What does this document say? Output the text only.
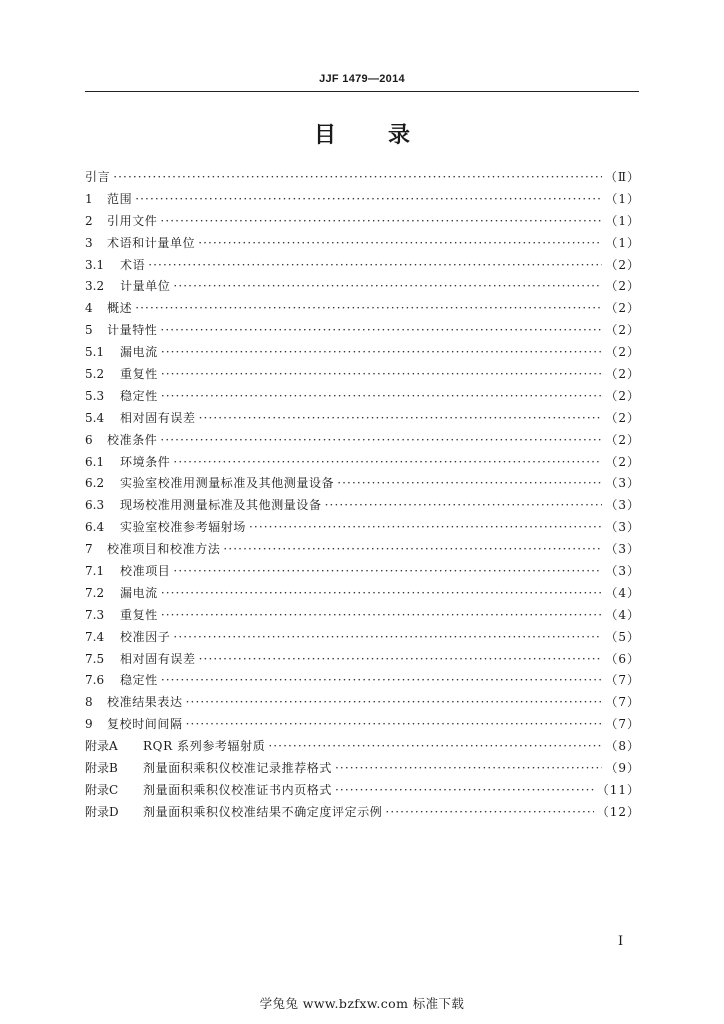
JJF 1479—2014
目 录
引言 ·····	（Ⅱ）
1	范围 ·····	（1）
2	引用文件 ·····	（1）
3	术语和计量单位 ·····	（1）
3.1	术语 ·····	（2）
3.2	计量单位 ·····	（2）
4	概述 ·····	（2）
5	计量特性 ·····	（2）
5.1	漏电流 ·····	（2）
5.2	重复性 ·····	（2）
5.3	稳定性 ·····	（2）
5.4	相对固有误差 ·····	（2）
6	校准条件 ·····	（2）
6.1	环境条件 ·····	（2）
6.2	实验室校准用测量标准及其他测量设备 ·····	（3）
6.3	现场校准用测量标准及其他测量设备 ·····	（3）
6.4	实验室校准参考辐射场 ·····	（3）
7	校准项目和校准方法 ·····	（3）
7.1	校准项目 ·····	（3）
7.2	漏电流 ·····	（4）
7.3	重复性 ·····	（4）
7.4	校准因子 ·····	（5）
7.5	相对固有误差 ·····	（6）
7.6	稳定性 ·····	（7）
8	校准结果表达 ·····	（7）
9	复校时间间隔 ·····	（7）
附录A	RQR 系列参考辐射质 ·····	（8）
附录B	剂量面积乘积仪校准记录推荐格式 ·····	（9）
附录C	剂量面积乘积仪校准证书内页格式 ·····	（11）
附录D	剂量面积乘积仪校准结果不确定度评定示例 ·····	（12）
I
学兔兔 www.bzfxw.com 标准下载
